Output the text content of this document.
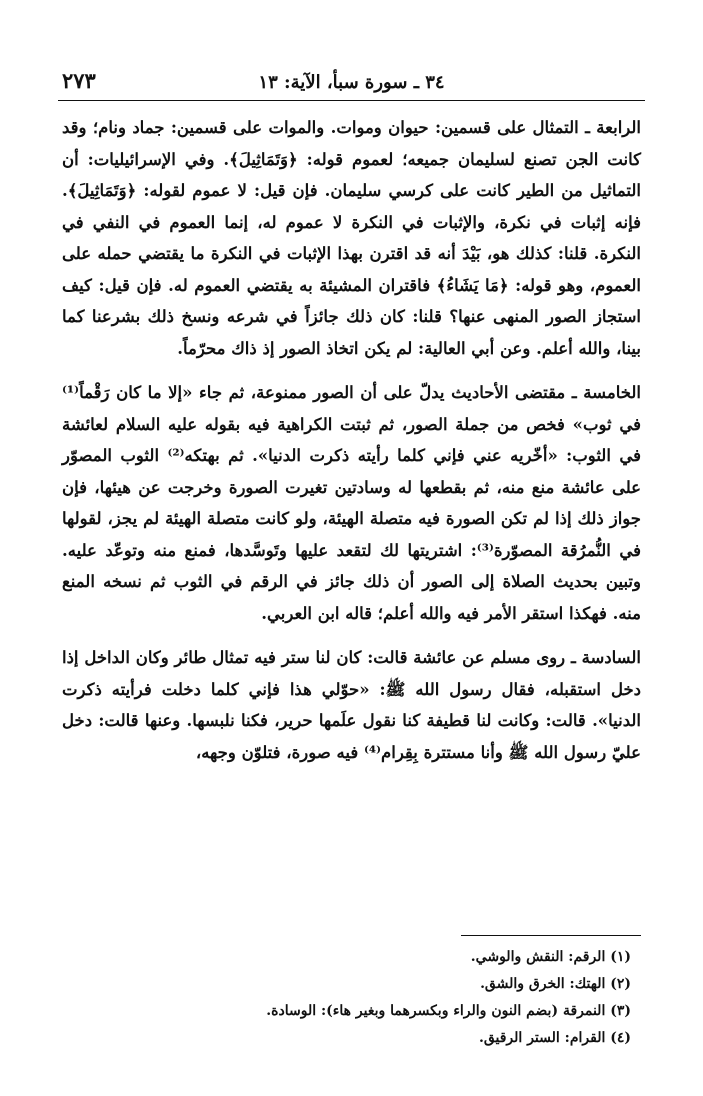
٣٤ ـ سورة سبأ، الآية: ١٣
٢٧٣

الرابعة ـ التمثال على قسمين: حيوان وموات. والموات على قسمين: جماد ونام؛ وقد كانت الجن تصنع لسليمان جميعه؛ لعموم قوله: ﴿وَتَمَاثِيلَ﴾. وفي الإسرائيليات: أن التماثيل من الطير كانت على كرسي سليمان. فإن قيل: لا عموم لقوله: ﴿وَتَمَاثِيلَ﴾. فإنه إثبات في نكرة، والإثبات في النكرة لا عموم له، إنما العموم في النفي في النكرة. قلنا: كذلك هو، بَيْدَ أنه قد اقترن بهذا الإثبات في النكرة ما يقتضي حمله على العموم، وهو قوله: ﴿مَا يَشَاءُ﴾ فاقتران المشيئة به يقتضي العموم له. فإن قيل: كيف استجاز الصور المنهى عنها؟ قلنا: كان ذلك جائزاً في شرعه ونسخ ذلك بشرعنا كما بينا، والله أعلم. وعن أبي العالية: لم يكن اتخاذ الصور إذ ذاك محرّماً.

الخامسة ـ مقتضى الأحاديث يدلّ على أن الصور ممنوعة، ثم جاء «إلا ما كان رَقْماً⁽¹⁾ في ثوب» فخص من جملة الصور، ثم ثبتت الكراهية فيه بقوله عليه السلام لعائشة في الثوب: «أخّريه عني فإني كلما رأيته ذكرت الدنيا». ثم بهتكه⁽²⁾ الثوب المصوّر على عائشة منع منه، ثم بقطعها له وسادتين تغيرت الصورة وخرجت عن هيئها، فإن جواز ذلك إذا لم تكن الصورة فيه متصلة الهيئة، ولو كانت متصلة الهيئة لم يجز، لقولها في النُّمرُقة المصوّرة⁽³⁾: اشتريتها لك لتقعد عليها وتَوسَّدها، فمنع منه وتوعّد عليه. وتبين بحديث الصلاة إلى الصور أن ذلك جائز في الرقم في الثوب ثم نسخه المنع منه. فهكذا استقر الأمر فيه والله أعلم؛ قاله ابن العربي.

السادسة ـ روى مسلم عن عائشة قالت: كان لنا ستر فيه تمثال طائر وكان الداخل إذا دخل استقبله، فقال رسول الله ﷺ: «حوّلي هذا فإني كلما دخلت فرأيته ذكرت الدنيا». قالت: وكانت لنا قطيفة كنا نقول علَمها حرير، فكنا نلبسها. وعنها قالت: دخل عليّ رسول الله ﷺ وأنا مستترة بِقِرام⁽⁴⁾ فيه صورة، فتلوّن وجهه،

(١) الرقم: النقش والوشي.
(٢) الهتك: الخرق والشق.
(٣) النمرقة (بضم النون والراء وبكسرهما وبغير هاء): الوسادة.
(٤) القرام: الستر الرقيق.
